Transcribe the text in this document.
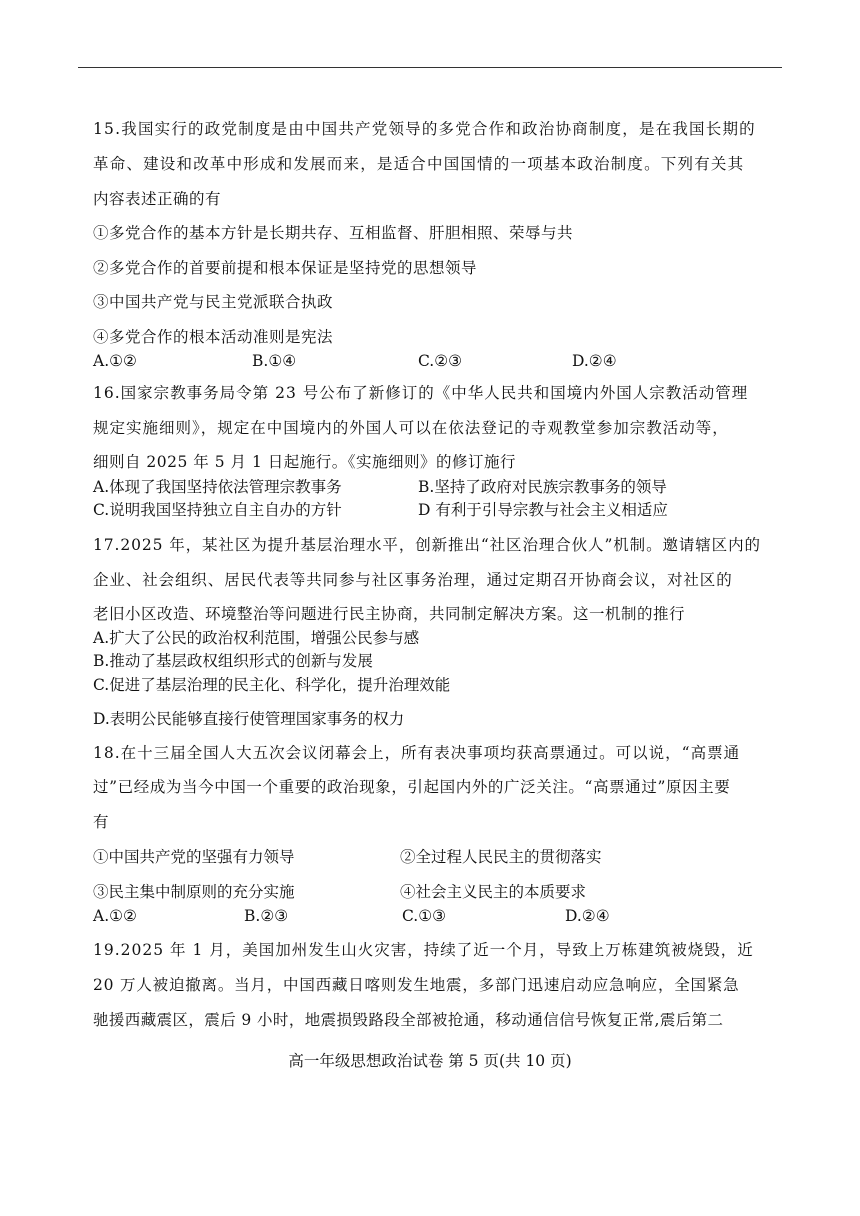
15.我国实行的政党制度是由中国共产党领导的多党合作和政治协商制度，是在我国长期的
革命、建设和改革中形成和发展而来，是适合中国国情的一项基本政治制度。下列有关其
内容表述正确的有
①多党合作的基本方针是长期共存、互相监督、肝胆相照、荣辱与共
②多党合作的首要前提和根本保证是坚持党的思想领导
③中国共产党与民主党派联合执政
④多党合作的根本活动准则是宪法
A.①②	B.①④	C.②③	D.②④
16.国家宗教事务局令第 23 号公布了新修订的《中华人民共和国境内外国人宗教活动管理
规定实施细则》，规定在中国境内的外国人可以在依法登记的寺观教堂参加宗教活动等，
细则自 2025 年 5 月 1 日起施行。《实施细则》的修订施行
A.体现了我国坚持依法管理宗教事务	B.坚持了政府对民族宗教事务的领导
C.说明我国坚持独立自主自办的方针	D 有利于引导宗教与社会主义相适应
17.2025 年，某社区为提升基层治理水平，创新推出“社区治理合伙人”机制。邀请辖区内的
企业、社会组织、居民代表等共同参与社区事务治理，通过定期召开协商会议，对社区的
老旧小区改造、环境整治等问题进行民主协商，共同制定解决方案。这一机制的推行
A.扩大了公民的政治权利范围，增强公民参与感
B.推动了基层政权组织形式的创新与发展
C.促进了基层治理的民主化、科学化，提升治理效能
D.表明公民能够直接行使管理国家事务的权力
18.在十三届全国人大五次会议闭幕会上，所有表决事项均获高票通过。可以说，“高票通
过”已经成为当今中国一个重要的政治现象，引起国内外的广泛关注。“高票通过”原因主要
有
①中国共产党的坚强有力领导	②全过程人民民主的贯彻落实
③民主集中制原则的充分实施	④社会主义民主的本质要求
A.①②	B.②③	C.①③	D.②④
19.2025 年 1 月，美国加州发生山火灾害，持续了近一个月，导致上万栋建筑被烧毁，近
20 万人被迫撤离。当月，中国西藏日喀则发生地震，多部门迅速启动应急响应，全国紧急
驰援西藏震区，震后 9 小时，地震损毁路段全部被抢通，移动通信信号恢复正常,震后第二
高一年级思想政治试卷 第 5 页(共 10 页)
